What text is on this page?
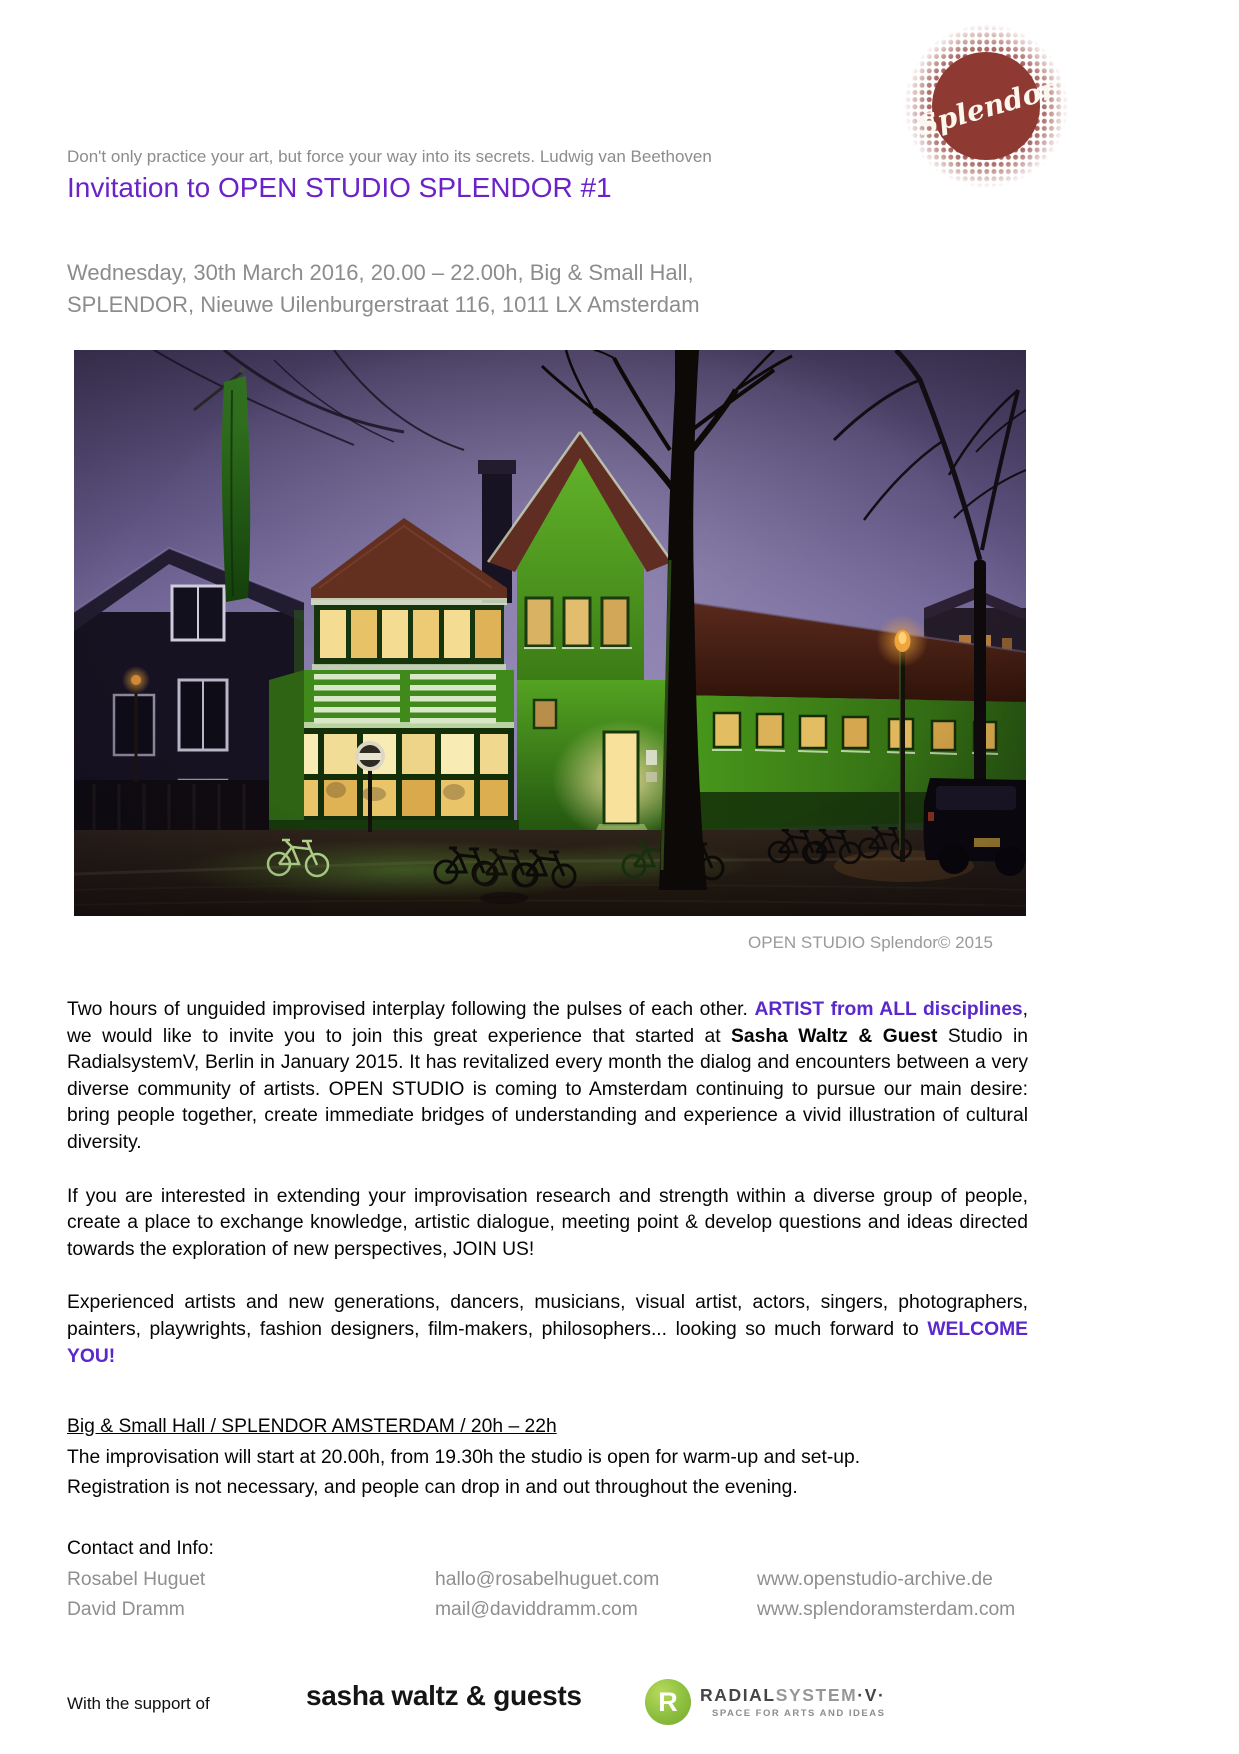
Splendor
Don't only practice your art, but force your way into its secrets. Ludwig van Beethoven
Invitation to OPEN STUDIO SPLENDOR #1
Wednesday, 30th March 2016, 20.00 – 22.00h, Big & Small Hall,
SPLENDOR, Nieuwe Uilenburgerstraat 116, 1011 LX Amsterdam
OPEN STUDIO Splendor© 2015

Two hours of unguided improvised interplay following the pulses of each other. ARTIST from ALL disciplines, we would like to invite you to join this great experience that started at Sasha Waltz & Guest Studio in RadialsystemV, Berlin in January 2015. It has revitalized every month the dialog and encounters between a very diverse community of artists. OPEN STUDIO is coming to Amsterdam continuing to pursue our main desire: bring people together, create immediate bridges of understanding and experience a vivid illustration of cultural diversity.

If you are interested in extending your improvisation research and strength within a diverse group of people, create a place to exchange knowledge, artistic dialogue, meeting point & develop questions and ideas directed towards the exploration of new perspectives, JOIN US!

Experienced artists and new generations, dancers, musicians, visual artist, actors, singers, photographers, painters, playwrights, fashion designers, film-makers, philosophers... looking so much forward to WELCOME YOU!

Big & Small Hall / SPLENDOR AMSTERDAM / 20h – 22h
The improvisation will start at 20.00h, from 19.30h the studio is open for warm-up and set-up.
Registration is not necessary, and people can drop in and out throughout the evening.
Contact and Info:
Rosabel Huguet	hallo@rosabelhuguet.com	www.openstudio-archive.de
David Dramm	mail@daviddramm.com	www.splendoramsterdam.com
With the support of	sasha waltz & guests	R RADIALSYSTEM·V·
SPACE FOR ARTS AND IDEAS
